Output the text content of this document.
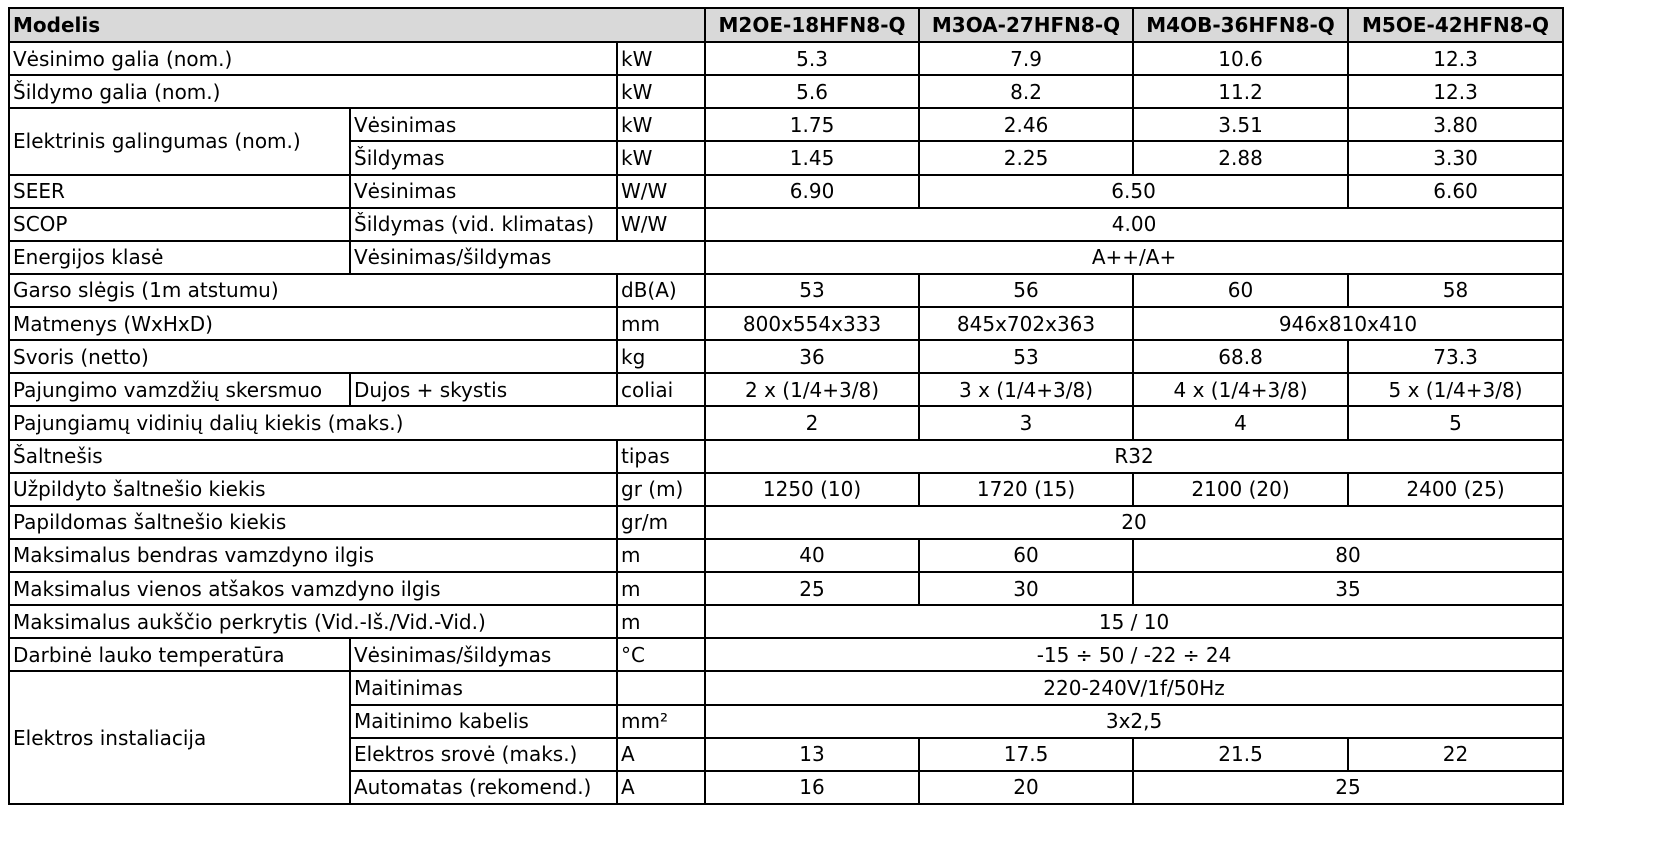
Modelis			M2OE-18HFN8-Q	M3OA-27HFN8-Q	M4OB-36HFN8-Q	M5OE-42HFN8-Q
Vėsinimo galia (nom.)		kW	5.3	7.9	10.6	12.3
Šildymo galia (nom.)		kW	5.6	8.2	11.2	12.3
Elektrinis galingumas (nom.)	Vėsinimas	kW	1.75	2.46	3.51	3.80
	Šildymas	kW	1.45	2.25	2.88	3.30
SEER	Vėsinimas	W/W	6.90	6.50		6.60
SCOP	Šildymas (vid. klimatas)	W/W	4.00			
Energijos klasė	Vėsinimas/šildymas		A++/A+			
Garso slėgis (1m atstumu)		dB(A)	53	56	60	58
Matmenys (WxHxD)		mm	800x554x333	845x702x363	946x810x410	
Svoris (netto)		kg	36	53	68.8	73.3
Pajungimo vamzdžių skersmuo	Dujos + skystis	coliai	2 x (1/4+3/8)	3 x (1/4+3/8)	4 x (1/4+3/8)	5 x (1/4+3/8)
Pajungiamų vidinių dalių kiekis (maks.)			2	3	4	5
Šaltnešis		tipas	R32			
Užpildyto šaltnešio kiekis		gr (m)	1250 (10)	1720 (15)	2100 (20)	2400 (25)
Papildomas šaltnešio kiekis		gr/m	20			
Maksimalus bendras vamzdyno ilgis		m	40	60	80	
Maksimalus vienos atšakos vamzdyno ilgis		m	25	30	35	
Maksimalus aukščio perkrytis (Vid.-Iš./Vid.-Vid.)		m	15 / 10			
Darbinė lauko temperatūra	Vėsinimas/šildymas	°C	-15 ÷ 50 / -22 ÷ 24			
Elektros instaliacija	Maitinimas		220-240V/1f/50Hz			
	Maitinimo kabelis	mm²	3x2,5			
	Elektros srovė (maks.)	A	13	17.5	21.5	22
	Automatas (rekomend.)	A	16	20	25	
